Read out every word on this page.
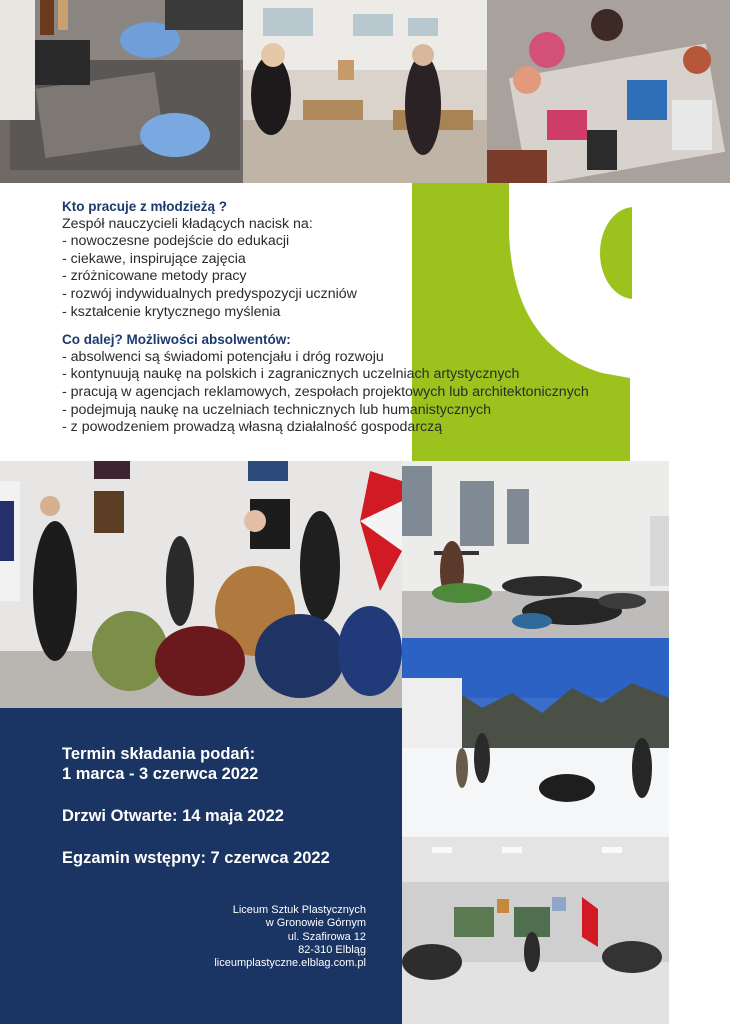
Kto pracuje z młodzieżą ?
Zespół nauczycieli kładących nacisk na:
- nowoczesne podejście do edukacji
- ciekawe, inspirujące zajęcia
- zróżnicowane metody pracy
- rozwój indywidualnych predyspozycji uczniów
- kształcenie krytycznego myślenia
Co dalej? Możliwości absolwentów:
- absolwenci są świadomi potencjału i dróg rozwoju
- kontynuują naukę na polskich i zagranicznych uczelniach artystycznych
- pracują w agencjach reklamowych, zespołach projektowych lub architektonicznych
- podejmują naukę na uczelniach technicznych lub humanistycznych
- z powodzeniem prowadzą własną działalność gospodarczą
Termin składania podań:
1 marca - 3 czerwca 2022
Drzwi Otwarte: 14 maja 2022
Egzamin wstępny: 7 czerwca 2022
Liceum Sztuk Plastycznych
w Gronowie Górnym
ul. Szafirowa 12
82-310 Elbląg
liceumplastyczne.elblag.com.pl
